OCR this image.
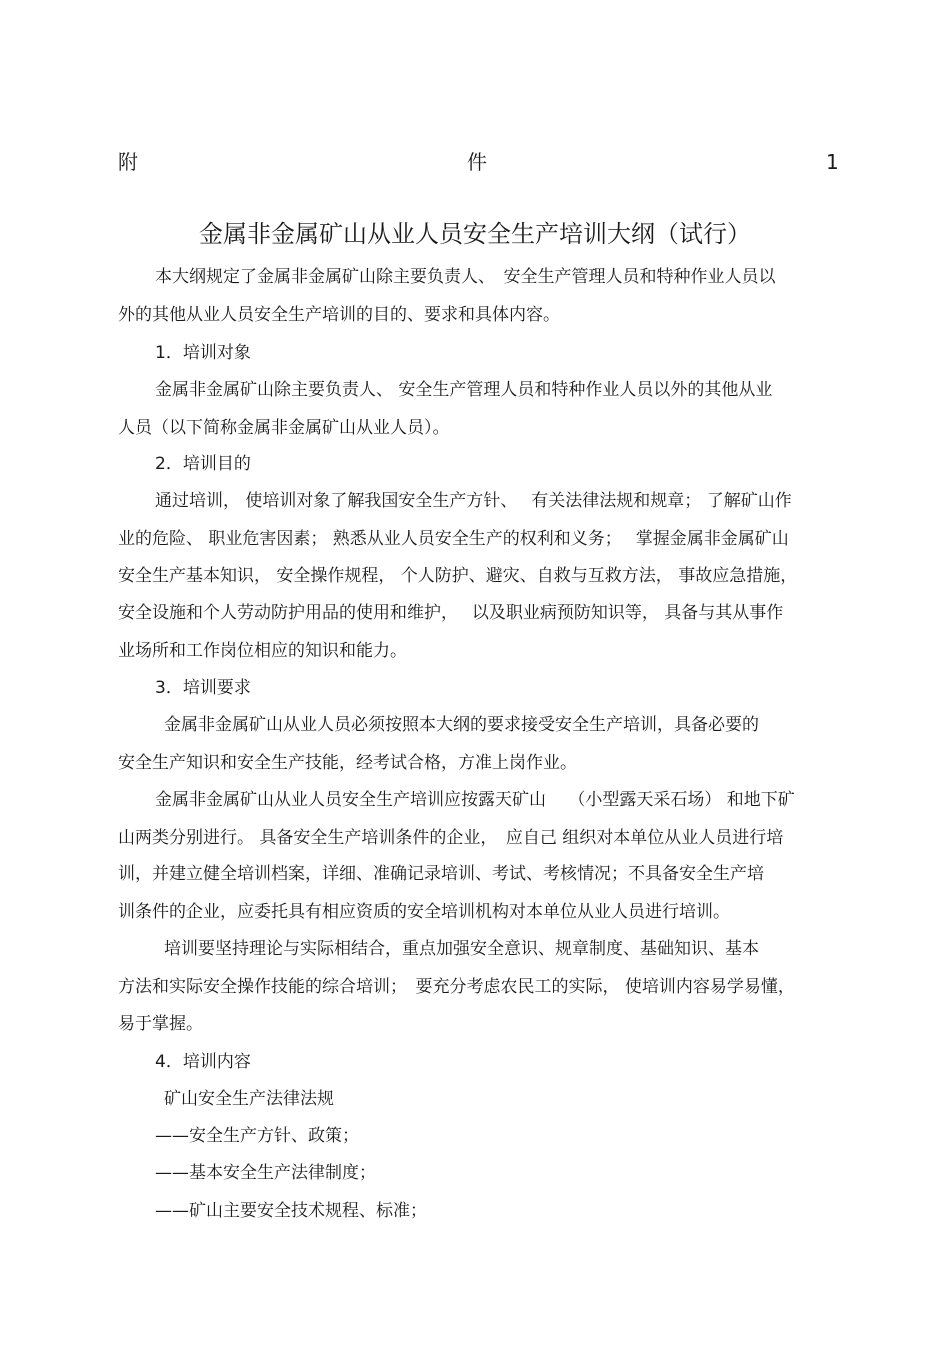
附	件	1
金属非金属矿山从业人员安全生产培训大纲（试行）
本大纲规定了金属非金属矿山除主要负责人、　安全生产管理人员和特种作业人员以
外的其他从业人员安全生产培训的目的、要求和具体内容。
1．培训对象
金属非金属矿山除主要负责人、 安全生产管理人员和特种作业人员以外的其他从业
人员（以下简称金属非金属矿山从业人员）。
2．培训目的
通过培训， 使培训对象了解我国安全生产方针、　 有关法律法规和规章； 了解矿山作
业的危险、 职业危害因素； 熟悉从业人员安全生产的权利和义务；　 掌握金属非金属矿山
安全生产基本知识， 安全操作规程， 个人防护、避灾、自救与互救方法， 事故应急措施，
安全设施和个人劳动防护用品的使用和维护，　 以及职业病预防知识等， 具备与其从事作
业场所和工作岗位相应的知识和能力。
3．培训要求
金属非金属矿山从业人员必须按照本大纲的要求接受安全生产培训，具备必要的
安全生产知识和安全生产技能，经考试合格，方准上岗作业。
金属非金属矿山从业人员安全生产培训应按露天矿山　 （小型露天采石场） 和地下矿
山两类分别进行。 具备安全生产培训条件的企业，　应自己 组织对本单位从业人员进行培
训，并建立健全培训档案，详细、准确记录培训、考试、考核情况；不具备安全生产培
训条件的企业，应委托具有相应资质的安全培训机构对本单位从业人员进行培训。
培训要坚持理论与实际相结合，重点加强安全意识、规章制度、基础知识、基本
方法和实际安全操作技能的综合培训；　要充分考虑农民工的实际， 使培训内容易学易懂，
易于掌握。
4．培训内容
矿山安全生产法律法规
——安全生产方针、政策；
——基本安全生产法律制度；
——矿山主要安全技术规程、标准；
